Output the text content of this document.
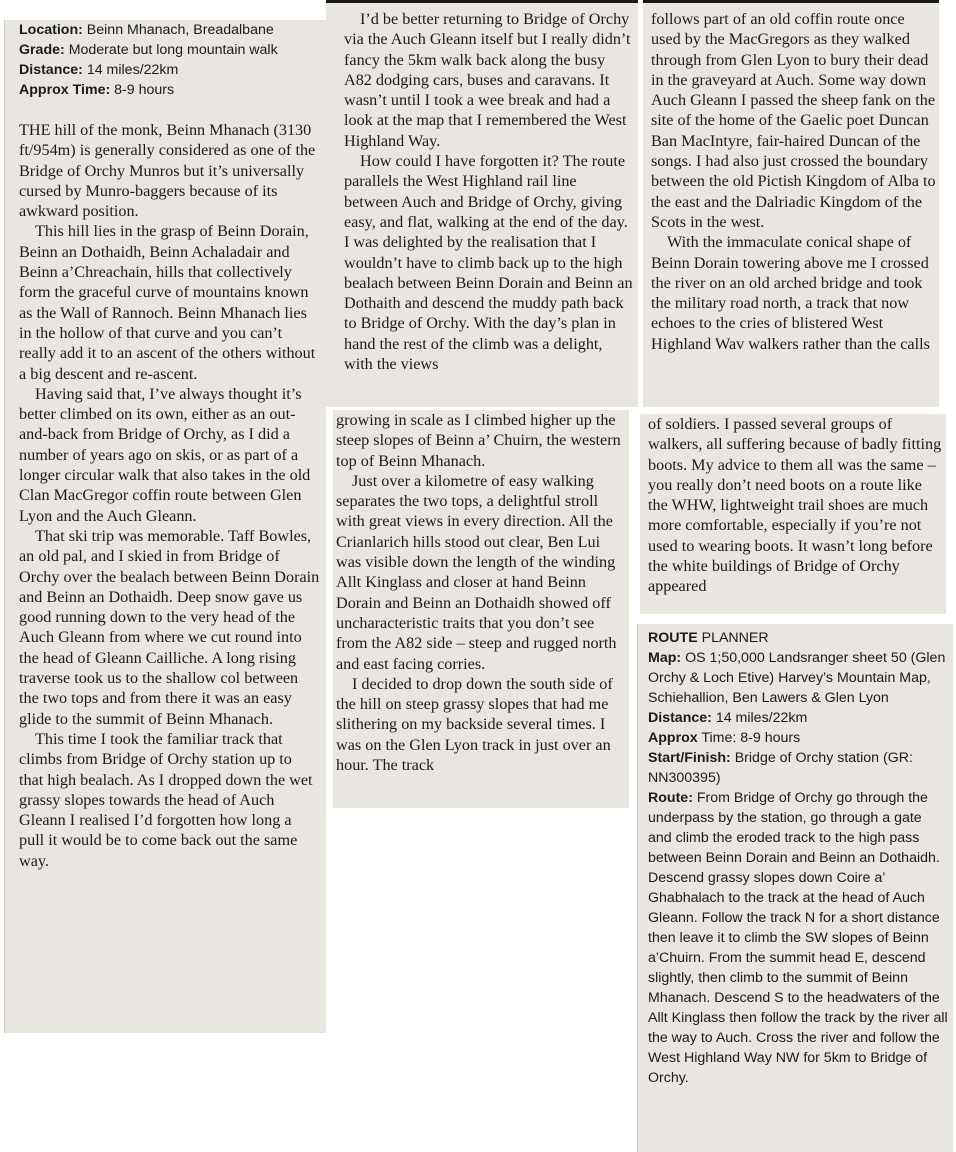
Location: Beinn Mhanach, Breadalbane

Grade: Moderate but long mountain walk

Distance: 14 miles/22km

Approx Time: 8-9 hours

THE hill of the monk, Beinn Mhanach (3130 ft/954m) is generally considered as one of the Bridge of Orchy Munros but it’s universally cursed by Munro-baggers because of its awkward position.

This hill lies in the grasp of Beinn Dorain, Beinn an Dothaidh, Beinn Achaladair and Beinn a’Chreachain, hills that collectively form the graceful curve of mountains known as the Wall of Rannoch. Beinn Mhanach lies in the hollow of that curve and you can’t really add it to an ascent of the others without a big descent and re-ascent.

Having said that, I’ve always thought it’s better climbed on its own, either as an out-and-back from Bridge of Orchy, as I did a number of years ago on skis, or as part of a longer circular walk that also takes in the old Clan MacGregor coffin route between Glen Lyon and the Auch Gleann.

That ski trip was memorable. Taff Bowles, an old pal, and I skied in from Bridge of Orchy over the bealach between Beinn Dorain and Beinn an Dothaidh. Deep snow gave us good running down to the very head of the Auch Gleann from where we cut round into the head of Gleann Cailliche. A long rising traverse took us to the shallow col between the two tops and from there it was an easy glide to the summit of Beinn Mhanach.

This time I took the familiar track that climbs from Bridge of Orchy station up to that high bealach. As I dropped down the wet grassy slopes towards the head of Auch Gleann I realised I’d forgotten how long a pull it would be to come back out the same way.

I’d be better returning to Bridge of Orchy via the Auch Gleann itself but I really didn’t fancy the 5km walk back along the busy A82 dodging cars, buses and caravans. It wasn’t until I took a wee break and had a look at the map that I remembered the West Highland Way.

How could I have forgotten it? The route parallels the West Highland rail line between Auch and Bridge of Orchy, giving easy, and flat, walking at the end of the day. I was delighted by the realisation that I wouldn’t have to climb back up to the high bealach between Beinn Dorain and Beinn an Dothaith and descend the muddy path back to Bridge of Orchy. With the day’s plan in hand the rest of the climb was a delight, with the views

follows part of an old coffin route once used by the MacGregors as they walked through from Glen Lyon to bury their dead in the graveyard at Auch. Some way down Auch Gleann I passed the sheep fank on the site of the home of the Gaelic poet Duncan Ban MacIntyre, fair-haired Duncan of the songs. I had also just crossed the boundary between the old Pictish Kingdom of Alba to the east and the Dalriadic Kingdom of the Scots in the west.

With the immaculate conical shape of Beinn Dorain towering above me I crossed the river on an old arched bridge and took the military road north, a track that now echoes to the cries of blistered West Highland Wav walkers rather than the calls

growing in scale as I climbed higher up the steep slopes of Beinn a’ Chuirn, the western top of Beinn Mhanach.

Just over a kilometre of easy walking separates the two tops, a delightful stroll with great views in every direction. All the Crianlarich hills stood out clear, Ben Lui was visible down the length of the winding Allt Kinglass and closer at hand Beinn Dorain and Beinn an Dothaidh showed off uncharacteristic traits that you don’t see from the A82 side – steep and rugged north and east facing corries.

I decided to drop down the south side of the hill on steep grassy slopes that had me slithering on my backside several times. I was on the Glen Lyon track in just over an hour. The track

of soldiers. I passed several groups of walkers, all suffering because of badly fitting boots. My advice to them all was the same – you really don’t need boots on a route like the WHW, lightweight trail shoes are much more comfortable, especially if you’re not used to wearing boots. It wasn’t long before the white buildings of Bridge of Orchy appeared

ROUTE PLANNER

Map: OS 1;50,000 Landsranger sheet 50 (Glen Orchy & Loch Etive) Harvey’s Mountain Map, Schiehallion, Ben Lawers & Glen Lyon

Distance: 14 miles/22km

Approx Time: 8-9 hours

Start/Finish: Bridge of Orchy station (GR: NN300395)

Route: From Bridge of Orchy go through the underpass by the station, go through a gate and climb the eroded track to the high pass between Beinn Dorain and Beinn an Dothaidh. Descend grassy slopes down Coire a’ Ghabhalach to the track at the head of Auch Gleann. Follow the track N for a short distance then leave it to climb the SW slopes of Beinn a’Chuirn. From the summit head E, descend slightly, then climb to the summit of Beinn Mhanach. Descend S to the headwaters of the Allt Kinglass then follow the track by the river all the way to Auch. Cross the river and follow the West Highland Way NW for 5km to Bridge of Orchy.
